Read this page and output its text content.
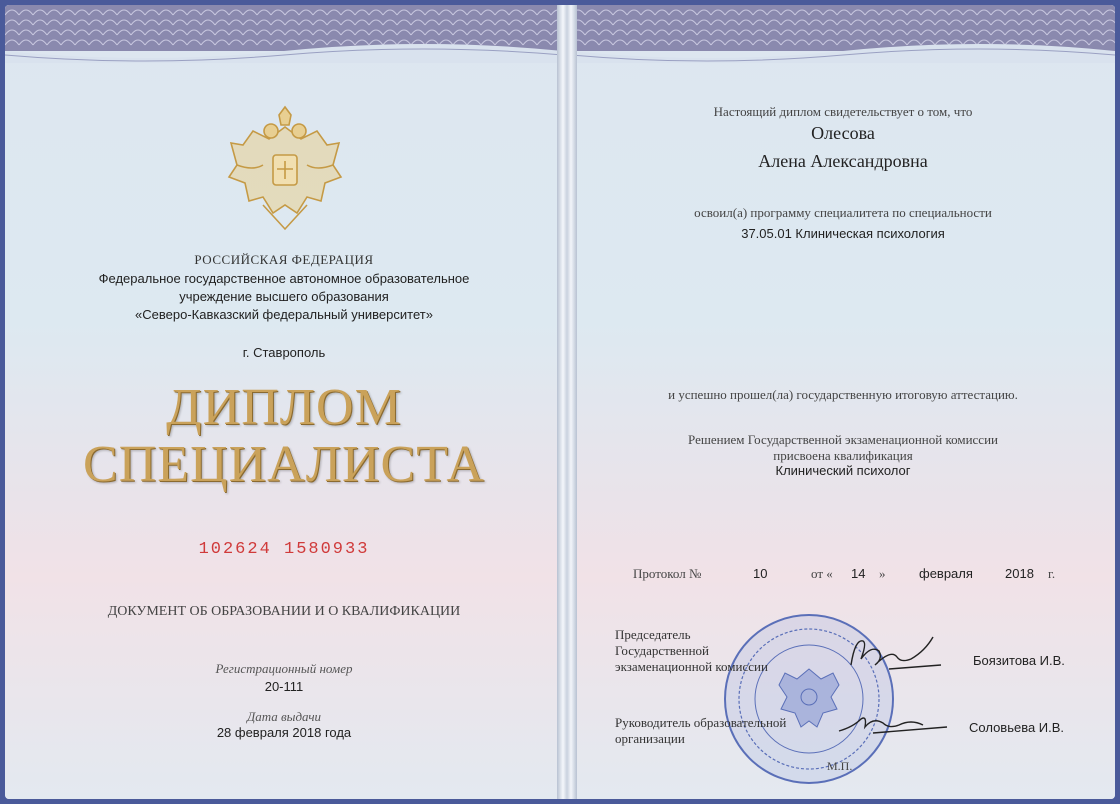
РОССИЙСКАЯ ФЕДЕРАЦИЯ
Федеральное государственное автономное образовательное
учреждение высшего образования
«Северо-Кавказский федеральный университет»
г. Ставрополь
ДИПЛОМ
СПЕЦИАЛИСТА
102624 1580933
ДОКУМЕНТ ОБ ОБРАЗОВАНИИ И О КВАЛИФИКАЦИИ
Регистрационный номер
20-111
Дата выдачи
28 февраля 2018 года
Настоящий диплом свидетельствует о том, что
Олесова
Алена Александровна
освоил(а) программу специалитета по специальности
37.05.01 Клиническая психология
и успешно прошел(ла) государственную итоговую аттестацию.
Решением Государственной экзаменационной комиссии
присвоена квалификация
Клинический психолог
Протокол №	10	от « 14 »	февраля 2018 г.
Председатель
Государственной
экзаменационной комиссии	Боязитова И.В.
Руководитель образовательной
организации
Соловьева И.В.
М.П.
